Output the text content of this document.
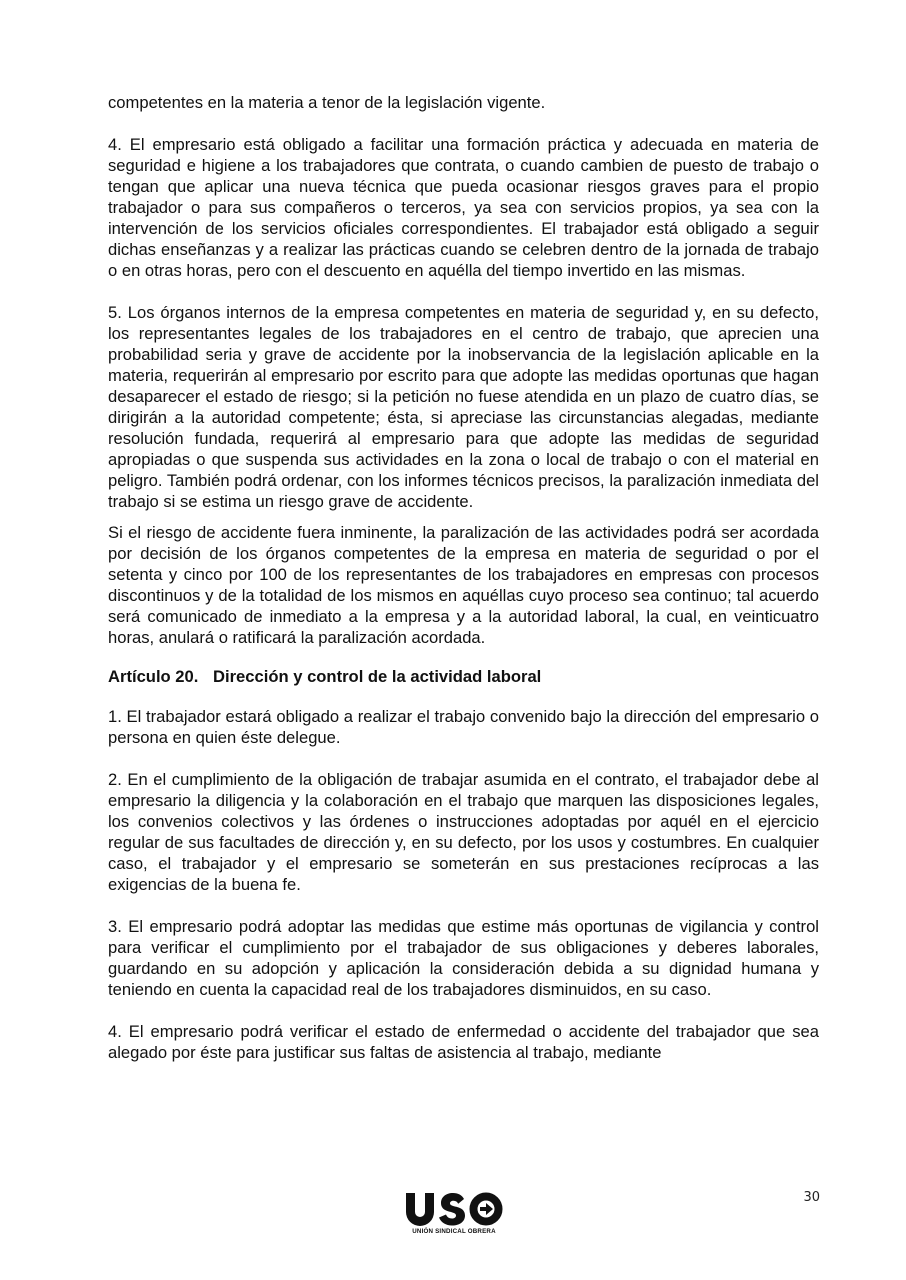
competentes en la materia a tenor de la legislación vigente.

4. El empresario está obligado a facilitar una formación práctica y adecuada en materia de seguridad e higiene a los trabajadores que contrata, o cuando cambien de puesto de trabajo o tengan que aplicar una nueva técnica que pueda ocasionar riesgos graves para el propio trabajador o para sus compañeros o terceros, ya sea con servicios propios, ya sea con la intervención de los servicios oficiales correspondientes. El trabajador está obligado a seguir dichas enseñanzas y a realizar las prácticas cuando se celebren dentro de la jornada de trabajo o en otras horas, pero con el descuento en aquélla del tiempo invertido en las mismas.

5. Los órganos internos de la empresa competentes en materia de seguridad y, en su defecto, los representantes legales de los trabajadores en el centro de trabajo, que aprecien una probabilidad seria y grave de accidente por la inobservancia de la legislación aplicable en la materia, requerirán al empresario por escrito para que adopte las medidas oportunas que hagan desaparecer el estado de riesgo; si la petición no fuese atendida en un plazo de cuatro días, se dirigirán a la autoridad competente; ésta, si apreciase las circunstancias alegadas, mediante resolución fundada, requerirá al empresario para que adopte las medidas de seguridad apropiadas o que suspenda sus actividades en la zona o local de trabajo o con el material en peligro. También podrá ordenar, con los informes técnicos precisos, la paralización inmediata del trabajo si se estima un riesgo grave de accidente.

Si el riesgo de accidente fuera inminente, la paralización de las actividades podrá ser acordada por decisión de los órganos competentes de la empresa en materia de seguridad o por el setenta y cinco por 100 de los representantes de los trabajadores en empresas con procesos discontinuos y de la totalidad de los mismos en aquéllas cuyo proceso sea continuo; tal acuerdo será comunicado de inmediato a la empresa y a la autoridad laboral, la cual, en veinticuatro horas, anulará o ratificará la paralización acordada.

Artículo 20. Dirección y control de la actividad laboral

1. El trabajador estará obligado a realizar el trabajo convenido bajo la dirección del empresario o persona en quien éste delegue.

2. En el cumplimiento de la obligación de trabajar asumida en el contrato, el trabajador debe al empresario la diligencia y la colaboración en el trabajo que marquen las disposiciones legales, los convenios colectivos y las órdenes o instrucciones adoptadas por aquél en el ejercicio regular de sus facultades de dirección y, en su defecto, por los usos y costumbres. En cualquier caso, el trabajador y el empresario se someterán en sus prestaciones recíprocas a las exigencias de la buena fe.

3. El empresario podrá adoptar las medidas que estime más oportunas de vigilancia y control para verificar el cumplimiento por el trabajador de sus obligaciones y deberes laborales, guardando en su adopción y aplicación la consideración debida a su dignidad humana y teniendo en cuenta la capacidad real de los trabajadores disminuidos, en su caso.

4. El empresario podrá verificar el estado de enfermedad o accidente del trabajador que sea alegado por éste para justificar sus faltas de asistencia al trabajo, mediante

30
UNIÓN SINDICAL OBRERA
